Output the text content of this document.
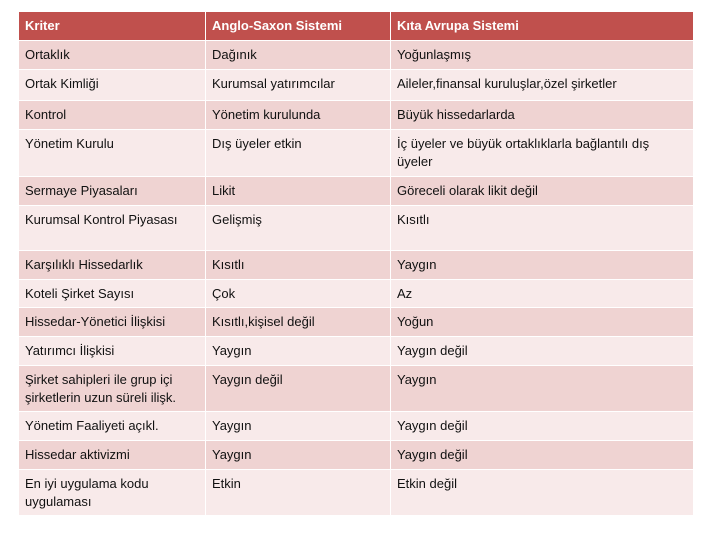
Kriter	Anglo-Saxon Sistemi	Kıta Avrupa Sistemi
Ortaklık	Dağınık	Yoğunlaşmış
Ortak Kimliği	Kurumsal yatırımcılar	Aileler,finansal kuruluşlar,özel şirketler
Kontrol	Yönetim kurulunda	Büyük hissedarlarda
Yönetim Kurulu	Dış üyeler etkin	İç üyeler ve büyük ortaklıklarla bağlantılı dış üyeler
Sermaye Piyasaları	Likit	Göreceli olarak likit değil
Kurumsal Kontrol Piyasası	Gelişmiş	Kısıtlı
Karşılıklı Hissedarlık	Kısıtlı	Yaygın
Koteli Şirket Sayısı	Çok	Az
Hissedar-Yönetici İlişkisi	Kısıtlı,kişisel değil	Yoğun
Yatırımcı İlişkisi	Yaygın	Yaygın değil
Şirket sahipleri ile grup içi şirketlerin uzun süreli ilişk.	Yaygın değil	Yaygın
Yönetim Faaliyeti açıkl.	Yaygın	Yaygın değil
Hissedar aktivizmi	Yaygın	Yaygın değil
En iyi uygulama kodu uygulaması	Etkin	Etkin değil
